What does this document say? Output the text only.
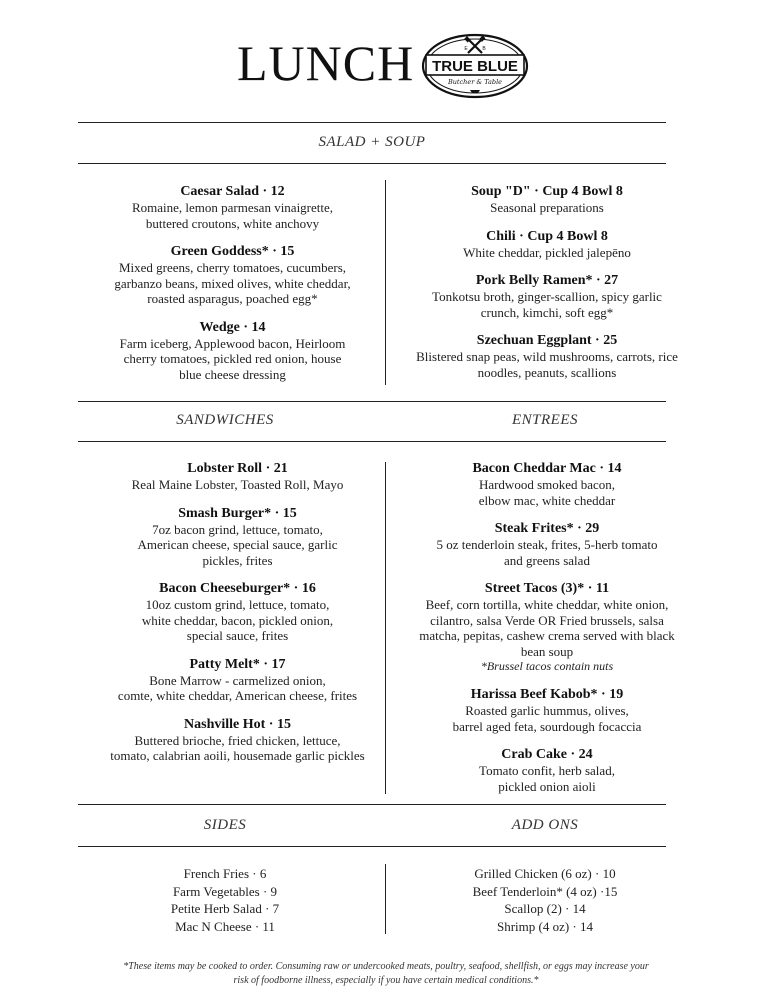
LUNCH TRUE BLUE
Butcher & Table
E	B
SALAD + SOUP
SANDWICHES	ENTREES
SIDES	ADD ONS
Caesar Salad · 12
Romaine, lemon parmesan vinaigrette,
buttered croutons, white anchovy
Green Goddess* · 15
Mixed greens, cherry tomatoes, cucumbers,
garbanzo beans, mixed olives, white cheddar,
roasted asparagus, poached egg*
Wedge · 14
Farm iceberg, Applewood bacon, Heirloom
cherry tomatoes, pickled red onion, house
blue cheese dressing
Soup "D" · Cup 4 Bowl 8
Seasonal preparations
Chili · Cup 4 Bowl 8
White cheddar, pickled jalepēno
Pork Belly Ramen* · 27
Tonkotsu broth, ginger-scallion, spicy garlic
crunch, kimchi, soft egg*
Szechuan Eggplant · 25
Blistered snap peas, wild mushrooms, carrots, rice
noodles, peanuts, scallions
Lobster Roll · 21
Real Maine Lobster, Toasted Roll, Mayo
Smash Burger* · 15
7oz bacon grind, lettuce, tomato,
American cheese, special sauce, garlic
pickles, frites
Bacon Cheeseburger* · 16
10oz custom grind, lettuce, tomato,
white cheddar, bacon, pickled onion,
special sauce, frites
Patty Melt* · 17
Bone Marrow - carmelized onion,
comte, white cheddar, American cheese, frites
Nashville Hot · 15
Buttered brioche, fried chicken, lettuce,
tomato, calabrian aoili, housemade garlic pickles
Bacon Cheddar Mac · 14
Hardwood smoked bacon,
elbow mac, white cheddar
Steak Frites* · 29
5 oz tenderloin steak, frites, 5-herb tomato
and greens salad
Street Tacos (3)* · 11
Beef, corn tortilla, white cheddar, white onion,
cilantro, salsa Verde OR Fried brussels, salsa
matcha, pepitas, cashew crema served with black
bean soup
*Brussel tacos contain nuts
Harissa Beef Kabob* · 19
Roasted garlic hummus, olives,
barrel aged feta, sourdough focaccia
Crab Cake · 24
Tomato confit, herb salad,
pickled onion aioli
French Fries · 6
Farm Vegetables · 9
Petite Herb Salad · 7
Mac N Cheese · 11
Grilled Chicken (6 oz) · 10
Beef Tenderloin* (4 oz) ·15
Scallop (2) · 14
Shrimp (4 oz) · 14
*These items may be cooked to order. Consuming raw or undercooked meats, poultry, seafood, shellfish, or eggs may increase your
risk of foodborne illness, especially if you have certain medical conditions.*
